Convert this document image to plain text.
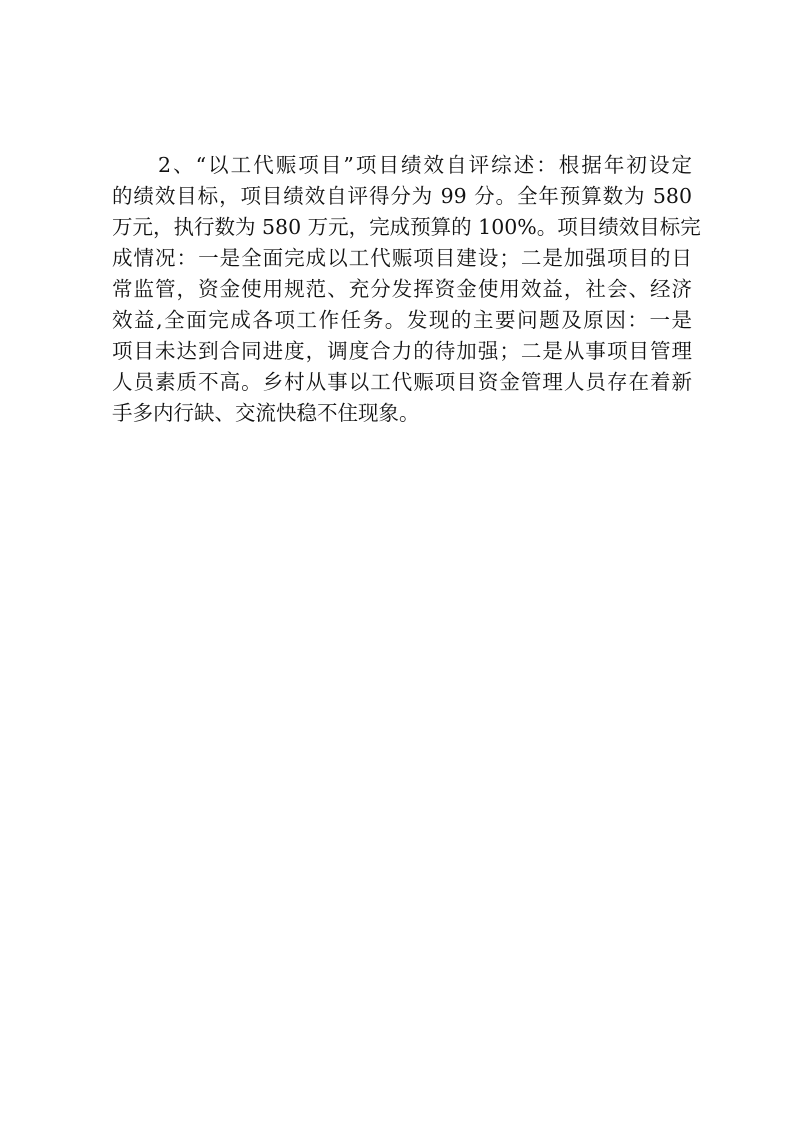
2、“以工代赈项目”项目绩效自评综述：根据年初设定
的绩效目标，项目绩效自评得分为 99 分。全年预算数为 580
万元，执行数为 580 万元，完成预算的 100%。项目绩效目标完
成情况：一是全面完成以工代赈项目建设；二是加强项目的日
常监管，资金使用规范、充分发挥资金使用效益，社会、经济
效益,全面完成各项工作任务。发现的主要问题及原因：一是
项目未达到合同进度，调度合力的待加强；二是从事项目管理
人员素质不高。乡村从事以工代赈项目资金管理人员存在着新
手多内行缺、交流快稳不住现象。
